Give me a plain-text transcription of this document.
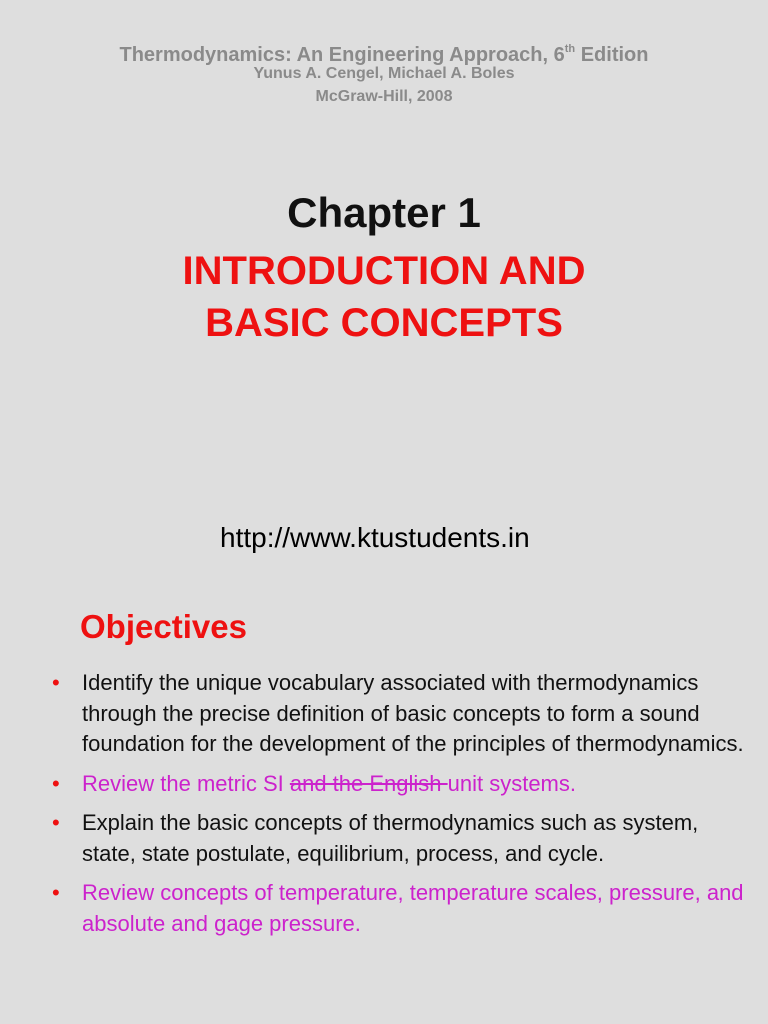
Thermodynamics: An Engineering Approach, 6th Edition
Yunus A. Cengel, Michael A. Boles
McGraw-Hill, 2008
Chapter 1
INTRODUCTION AND
BASIC CONCEPTS
http://www.ktustudents.in
Objectives
• Identify the unique vocabulary associated with thermodynamics through the precise definition of basic concepts to form a sound foundation for the development of the principles of thermodynamics.
• Review the metric SI and the English unit systems.
• Explain the basic concepts of thermodynamics such as system, state, state postulate, equilibrium, process, and cycle.
• Review concepts of temperature, temperature scales, pressure, and absolute and gage pressure.
